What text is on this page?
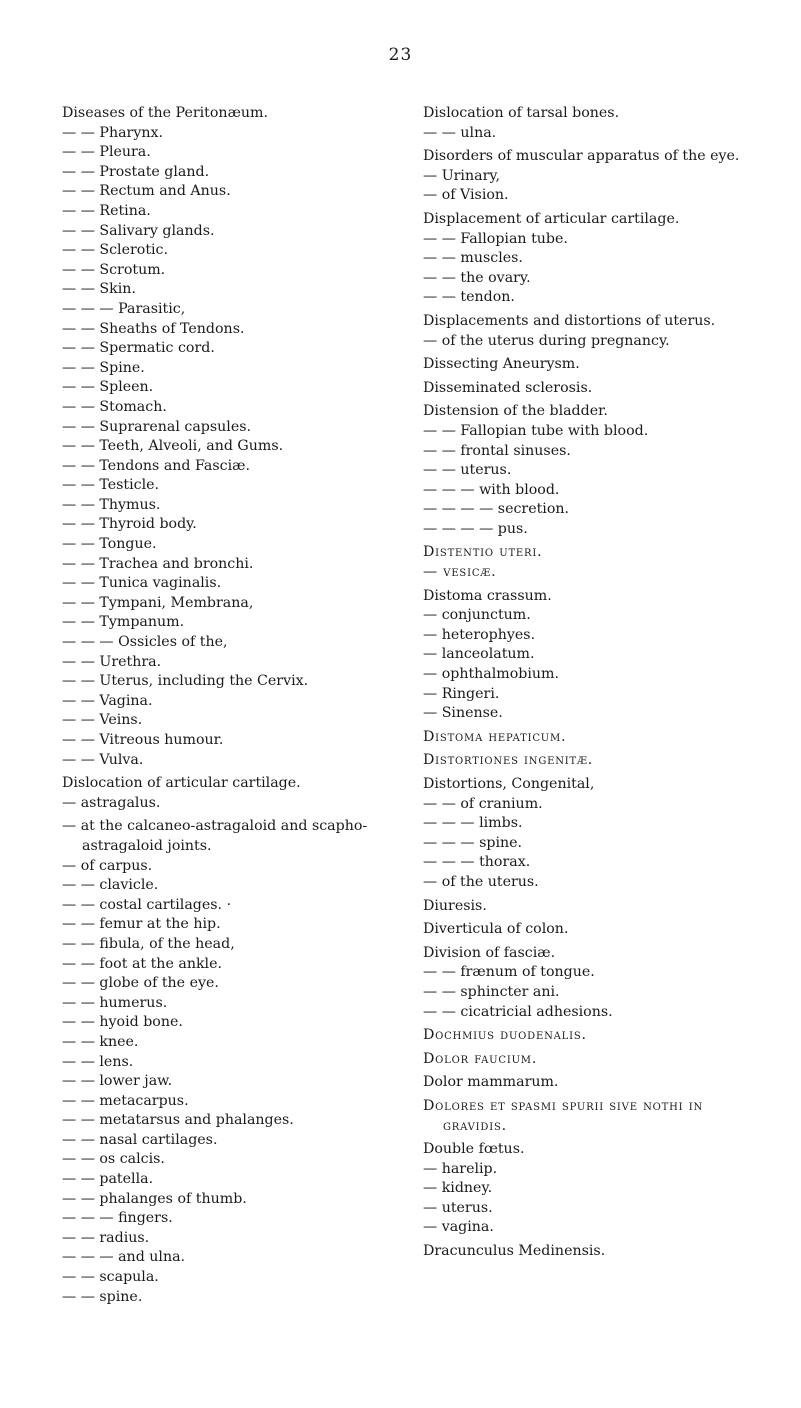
23
Diseases of the Peritonæum.
— — Pharynx.
— — Pleura.
— — Prostate gland.
— — Rectum and Anus.
— — Retina.
— — Salivary glands.
— — Sclerotic.
— — Scrotum.
— — Skin.
— — — Parasitic,
— — Sheaths of Tendons.
— — Spermatic cord.
— — Spine.
— — Spleen.
— — Stomach.
— — Suprarenal capsules.
— — Teeth, Alveoli, and Gums.
— — Tendons and Fasciæ.
— — Testicle.
— — Thymus.
— — Thyroid body.
— — Tongue.
— — Trachea and bronchi.
— — Tunica vaginalis.
— — Tympani, Membrana,
— — Tympanum.
— — — Ossicles of the,
— — Urethra.
— — Uterus, including the Cervix.
— — Vagina.
— — Veins.
— — Vitreous humour.
— — Vulva.
Dislocation of articular cartilage.
— astragalus.
— at the calcaneo-astragaloid and scapho-astragaloid joints.
— of carpus.
— — clavicle.
— — costal cartilages. ·
— — femur at the hip.
— — fibula, of the head,
— — foot at the ankle.
— — globe of the eye.
— — humerus.
— — hyoid bone.
— — knee.
— — lens.
— — lower jaw.
— — metacarpus.
— — metatarsus and phalanges.
— — nasal cartilages.
— — os calcis.
— — patella.
— — phalanges of thumb.
— — — fingers.
— — radius.
— — — and ulna.
— — scapula.
— — spine.
Dislocation of tarsal bones.
— — ulna.
Disorders of muscular apparatus of the eye.
— Urinary,
— of Vision.
Displacement of articular cartilage.
— — Fallopian tube.
— — muscles.
— — the ovary.
— — tendon.
Displacements and distortions of uterus.
— of the uterus during pregnancy.
Dissecting Aneurysm.
Disseminated sclerosis.
Distension of the bladder.
— — Fallopian tube with blood.
— — frontal sinuses.
— — uterus.
— — — with blood.
— — — — secretion.
— — — — pus.
Distentio uteri.
— vesicæ.
Distoma crassum.
— conjunctum.
— heterophyes.
— lanceolatum.
— ophthalmobium.
— Ringeri.
— Sinense.
Distoma hepaticum.
Distortiones ingenitæ.
Distortions, Congenital,
— — of cranium.
— — — limbs.
— — — spine.
— — — thorax.
— of the uterus.
Diuresis.
Diverticula of colon.
Division of fasciæ.
— — frænum of tongue.
— — sphincter ani.
— — cicatricial adhesions.
Dochmius duodenalis.
Dolor faucium.
Dolor mammarum.
Dolores et spasmi spurii sive nothi in gravidis.
Double fœtus.
— harelip.
— kidney.
— uterus.
— vagina.
Dracunculus Medinensis.
